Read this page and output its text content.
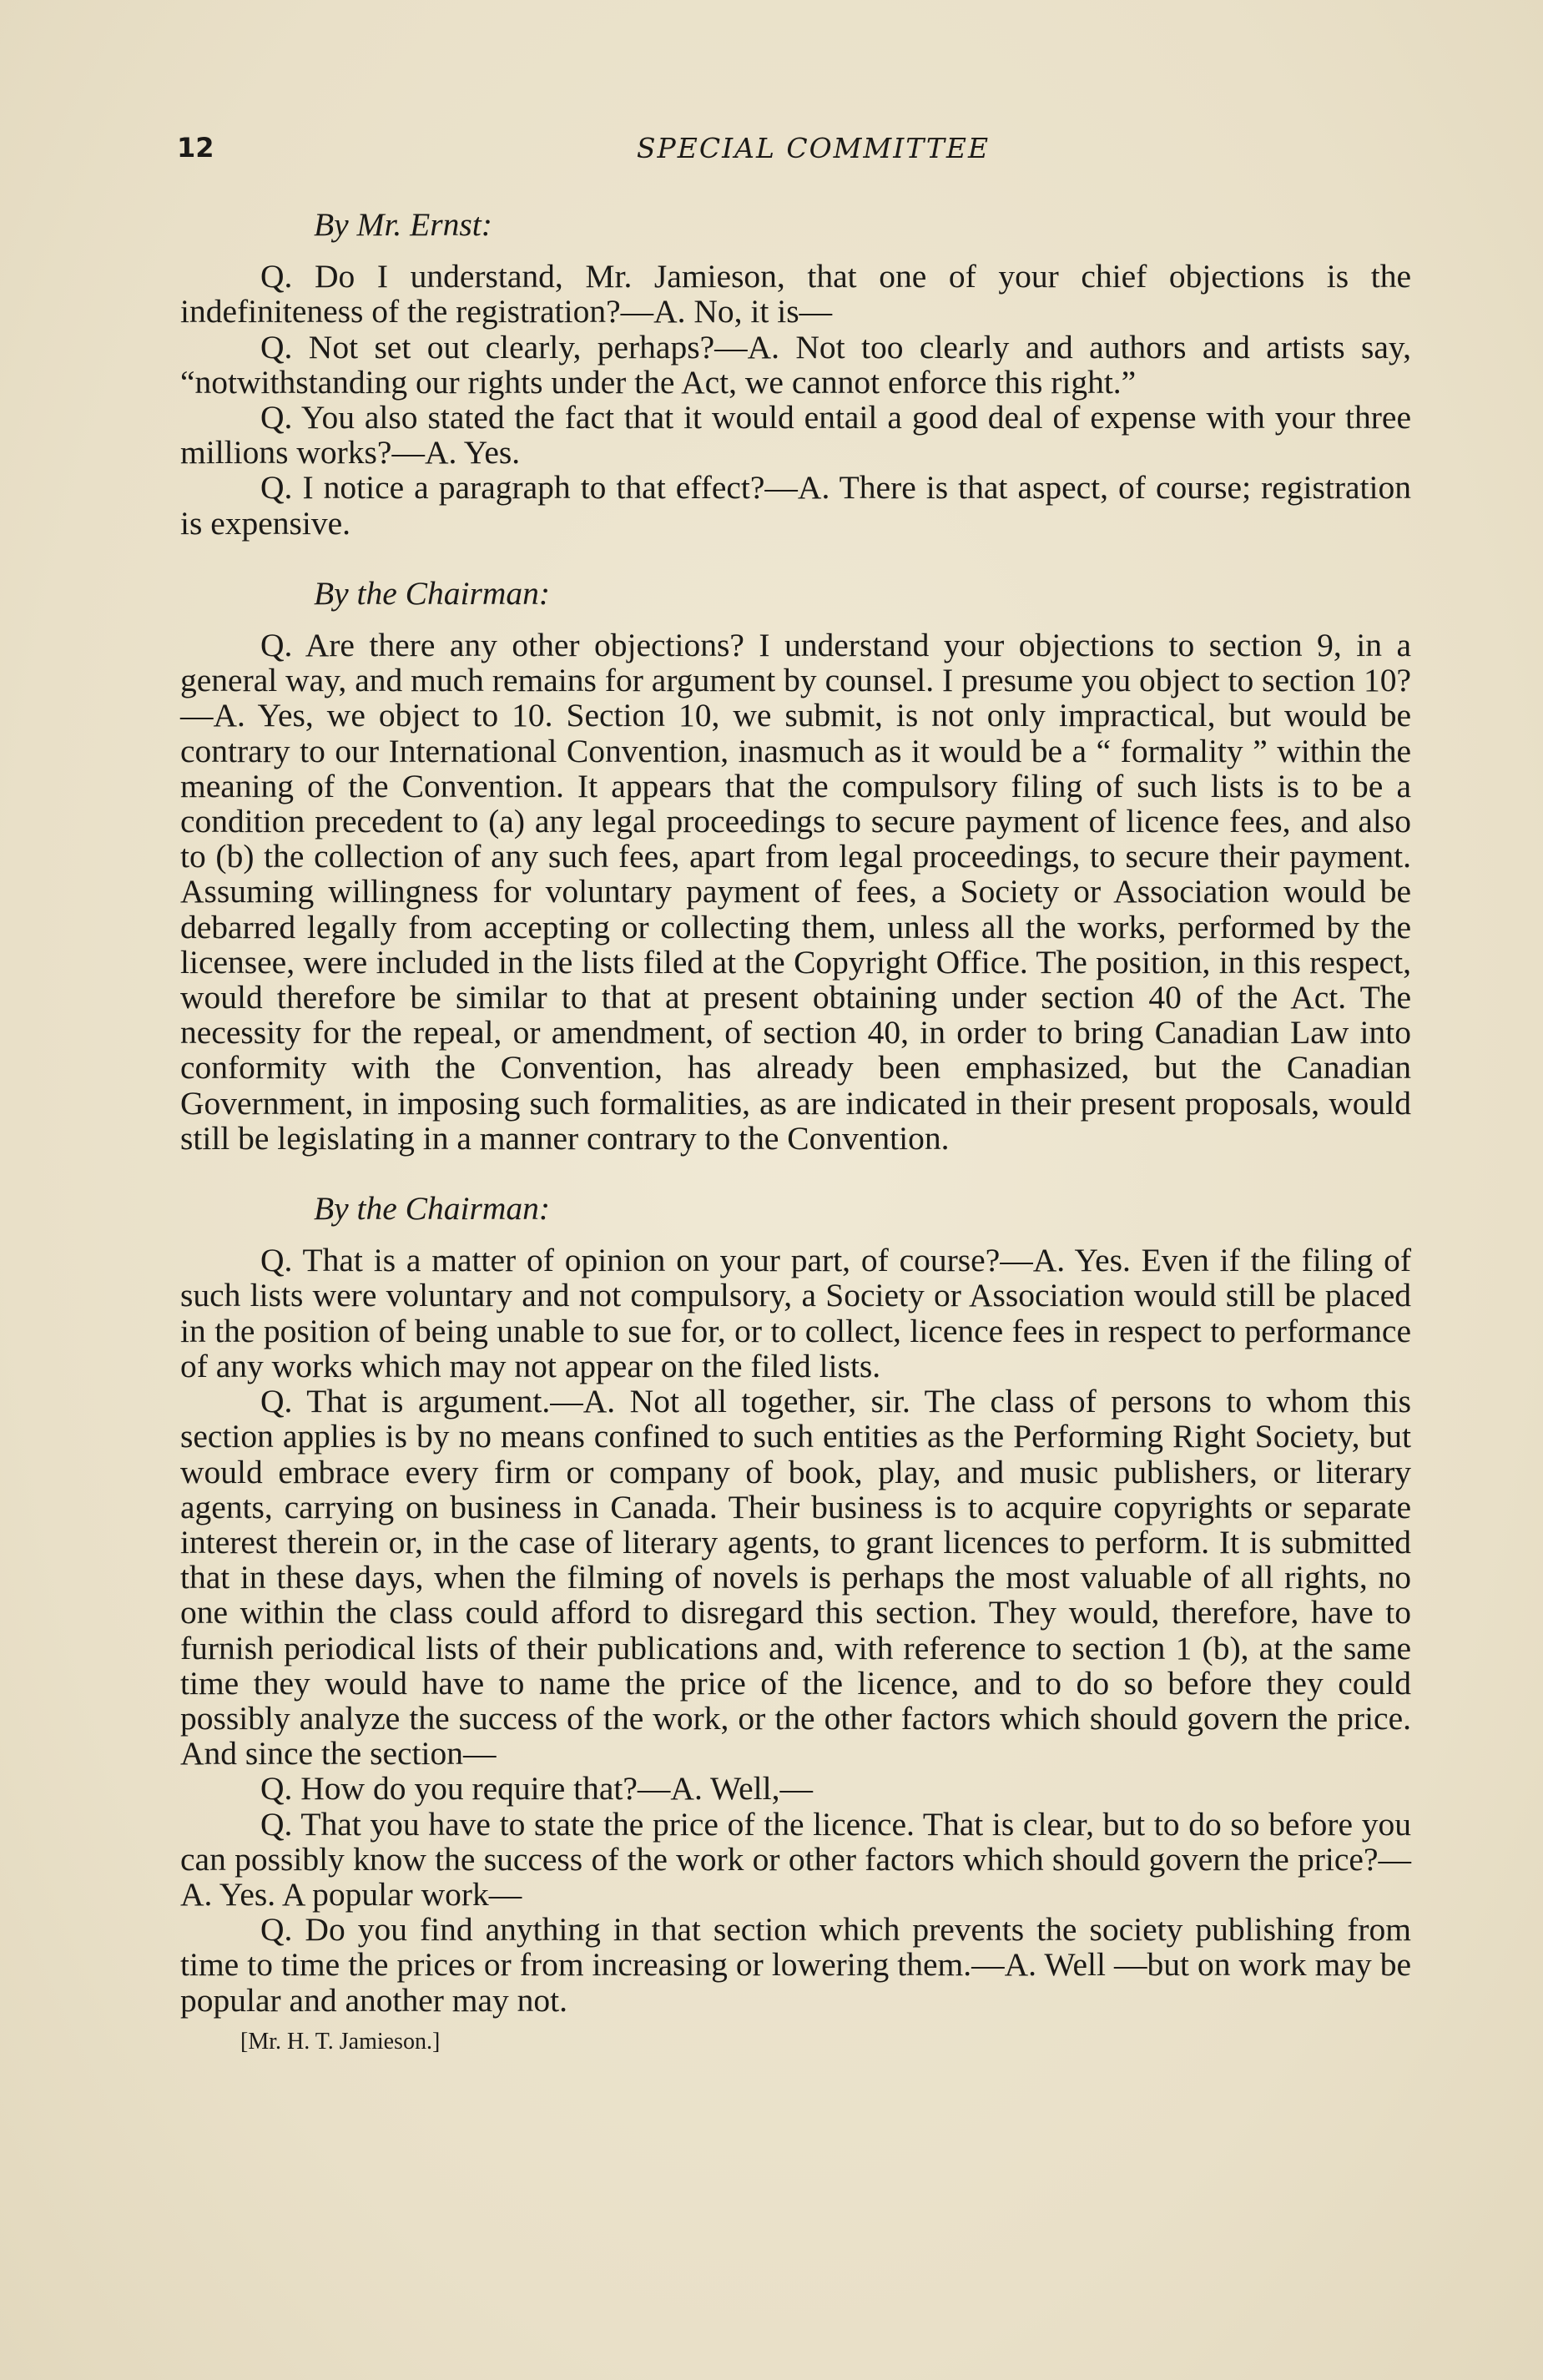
12	SPECIAL COMMITTEE
By Mr. Ernst:

Q. Do I understand, Mr. Jamieson, that one of your chief objections is the indefiniteness of the registration?—A. No, it is—

Q. Not set out clearly, perhaps?—A. Not too clearly and authors and artists say, “notwithstanding our rights under the Act, we cannot enforce this right.”

Q. You also stated the fact that it would entail a good deal of expense with your three millions works?—A. Yes.

Q. I notice a paragraph to that effect?—A. There is that aspect, of course; registration is expensive.

By the Chairman:

Q. Are there any other objections? I understand your objections to section 9, in a general way, and much remains for argument by counsel. I presume you object to section 10?—A. Yes, we object to 10. Section 10, we submit, is not only impractical, but would be contrary to our International Convention, inasmuch as it would be a “ formality ” within the meaning of the Convention. It appears that the compulsory filing of such lists is to be a condition precedent to (a) any legal proceedings to secure payment of licence fees, and also to (b) the collection of any such fees, apart from legal proceedings, to secure their payment. Assuming willingness for voluntary payment of fees, a Society or Association would be debarred legally from accepting or collecting them, unless all the works, performed by the licensee, were included in the lists filed at the Copyright Office. The position, in this respect, would therefore be similar to that at present obtaining under section 40 of the Act. The necessity for the repeal, or amendment, of section 40, in order to bring Canadian Law into conformity with the Convention, has already been emphasized, but the Canadian Government, in imposing such formalities, as are indicated in their present proposals, would still be legislating in a manner contrary to the Convention.

By the Chairman:

Q. That is a matter of opinion on your part, of course?—A. Yes. Even if the filing of such lists were voluntary and not compulsory, a Society or Association would still be placed in the position of being unable to sue for, or to collect, licence fees in respect to performance of any works which may not appear on the filed lists.

Q. That is argument.—A. Not all together, sir. The class of persons to whom this section applies is by no means confined to such entities as the Performing Right Society, but would embrace every firm or company of book, play, and music publishers, or literary agents, carrying on business in Canada. Their business is to acquire copyrights or separate interest therein or, in the case of literary agents, to grant licences to perform. It is submitted that in these days, when the filming of novels is perhaps the most valuable of all rights, no one within the class could afford to disregard this section. They would, therefore, have to furnish periodical lists of their publications and, with reference to section 1 (b), at the same time they would have to name the price of the licence, and to do so before they could possibly analyze the success of the work, or the other factors which should govern the price. And since the section—

Q. How do you require that?—A. Well,—

Q. That you have to state the price of the licence. That is clear, but to do so before you can possibly know the success of the work or other factors which should govern the price?—A. Yes. A popular work—

Q. Do you find anything in that section which prevents the society publishing from time to time the prices or from increasing or lowering them.—A. Well —but on work may be popular and another may not.

[Mr. H. T. Jamieson.]
